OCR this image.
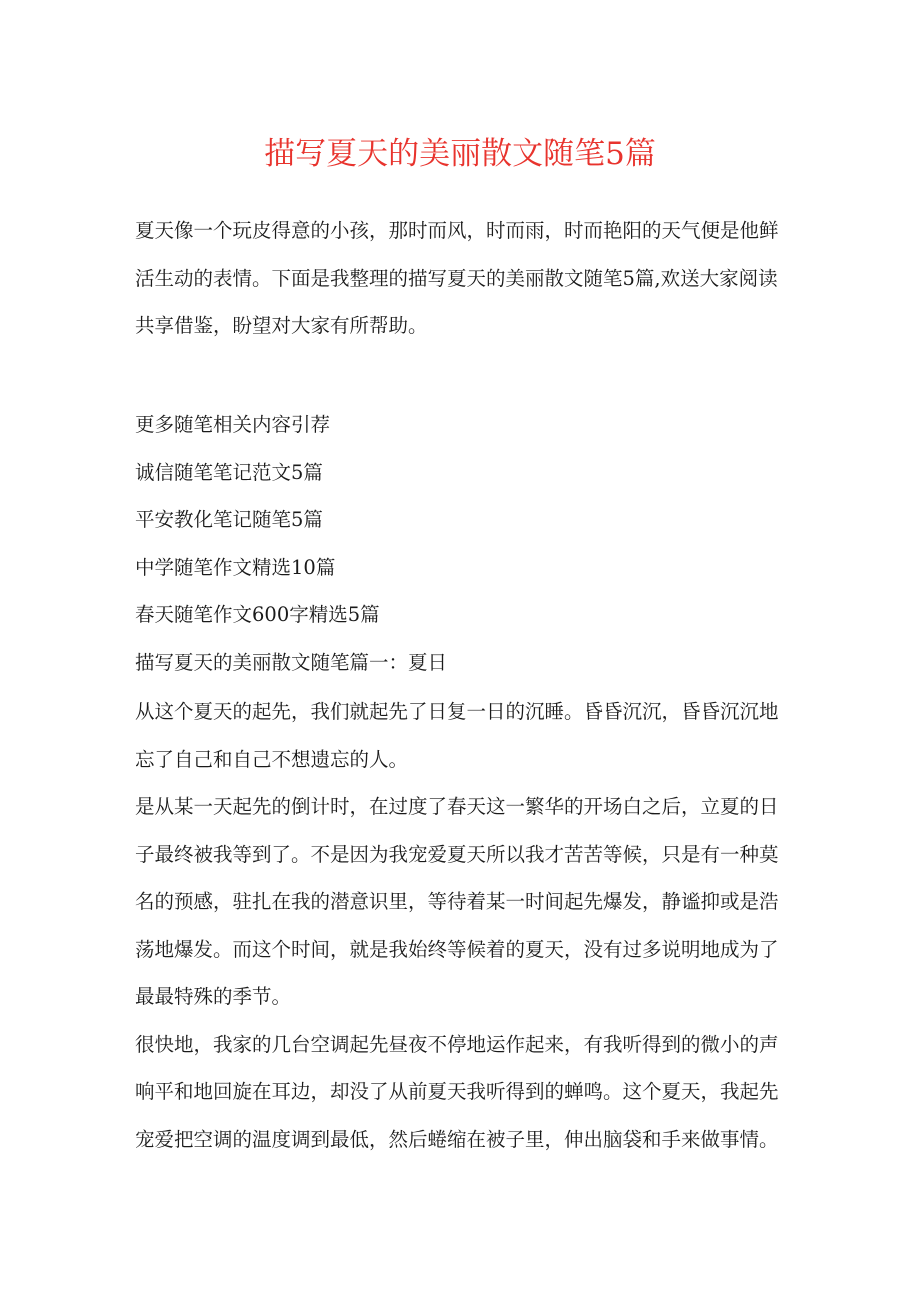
描写夏天的美丽散文随笔5篇

夏天像一个玩皮得意的小孩，那时而风，时而雨，时而艳阳的天气便是他鲜活生动的表情。下面是我整理的描写夏天的美丽散文随笔5篇,欢送大家阅读共享借鉴，盼望对大家有所帮助。

更多随笔相关内容引荐

诚信随笔笔记范文5篇

平安教化笔记随笔5篇

中学随笔作文精选10篇

春天随笔作文600字精选5篇

描写夏天的美丽散文随笔篇一：夏日

从这个夏天的起先，我们就起先了日复一日的沉睡。昏昏沉沉，昏昏沉沉地忘了自己和自己不想遗忘的人。

是从某一天起先的倒计时，在过度了春天这一繁华的开场白之后，立夏的日子最终被我等到了。不是因为我宠爱夏天所以我才苦苦等候，只是有一种莫名的预感，驻扎在我的潜意识里，等待着某一时间起先爆发，静谧抑或是浩荡地爆发。而这个时间，就是我始终等候着的夏天，没有过多说明地成为了最最特殊的季节。

很快地，我家的几台空调起先昼夜不停地运作起来，有我听得到的微小的声响平和地回旋在耳边，却没了从前夏天我听得到的蝉鸣。这个夏天，我起先宠爱把空调的温度调到最低，然后蜷缩在被子里，伸出脑袋和手来做事情。
